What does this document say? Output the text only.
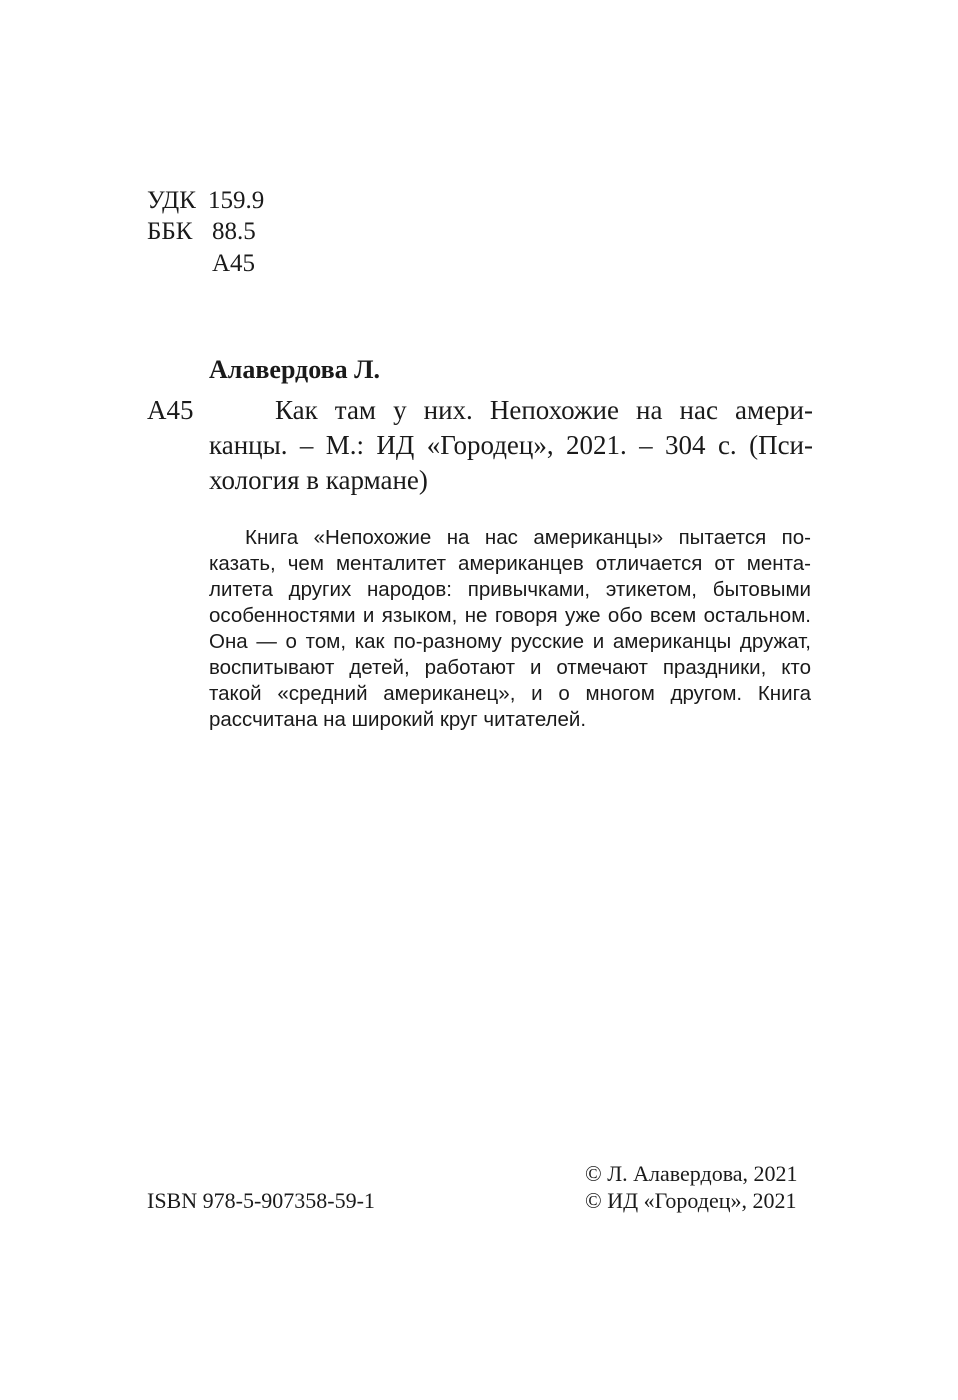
УДК 159.9
ББК 88.5
А45
Алавердова Л.
А45	Как там у них. Непохожие на нас амери-
канцы. – М.: ИД «Городец», 2021. – 304 с. (Пси-
хология в кармане)
Книга «Непохожие на нас американцы» пытается по-
казать, чем менталитет американцев отличается от мента-
литета других народов: привычками, этикетом, бытовыми
особенностями и языком, не говоря уже обо всем остальном.
Она — о том, как по-разному русские и американцы дружат,
воспитывают детей, работают и отмечают праздники, кто
такой «средний американец», и о многом другом. Книга
рассчитана на широкий круг читателей.
ISBN 978-5-907358-59-1
© Л. Алавердова, 2021
© ИД «Городец», 2021
